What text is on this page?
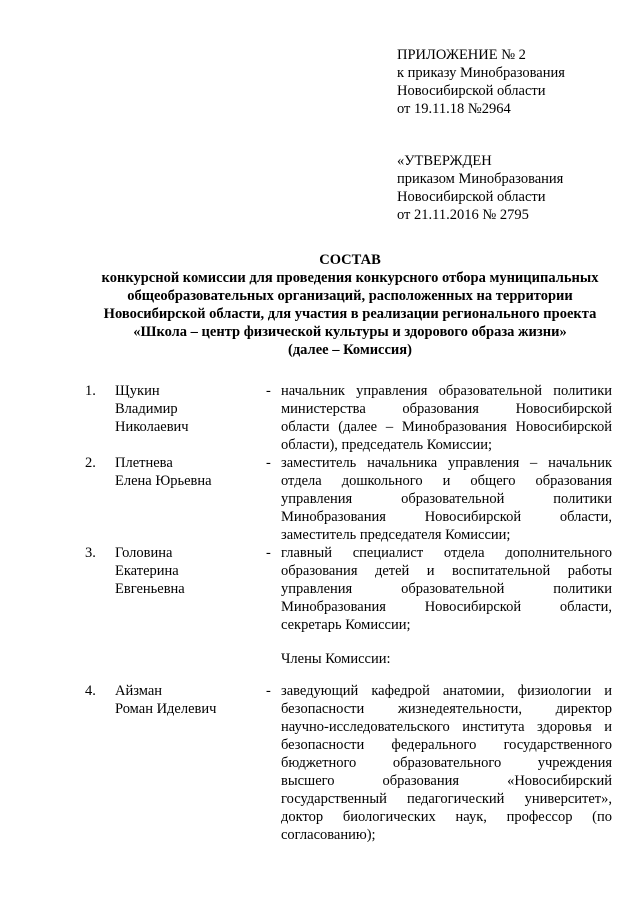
ПРИЛОЖЕНИЕ № 2
к приказу Минобразования
Новосибирской области
от 19.11.18 №2964
«УТВЕРЖДЕН
приказом Минобразования
Новосибирской области
от 21.11.2016 № 2795
СОСТАВ
конкурсной комиссии для проведения конкурсного отбора муниципальных
общеобразовательных организаций, расположенных на территории
Новосибирской области, для участия в реализации регионального проекта
«Школа – центр физической культуры и здорового образа жизни»
(далее – Комиссия)
1. Щукин
Владимир
Николаевич
- начальник управления образовательной политики
министерства образования Новосибирской
области (далее – Минобразования Новосибирской
области), председатель Комиссии;
2. Плетнева
Елена Юрьевна
- заместитель начальника управления – начальник
отдела дошкольного и общего образования
управления образовательной политики
Минобразования Новосибирской области,
заместитель председателя Комиссии;
3. Головина
Екатерина
Евгеньевна
- главный специалист отдела дополнительного
образования детей и воспитательной работы
управления образовательной политики
Минобразования Новосибирской области,
секретарь Комиссии;
Члены Комиссии:
4. Айзман
Роман Иделевич
- заведующий кафедрой анатомии, физиологии и
безопасности жизнедеятельности, директор
научно-исследовательского института здоровья и
безопасности федерального государственного
бюджетного образовательного учреждения
высшего образования «Новосибирский
государственный педагогический университет»,
доктор биологических наук, профессор (по
согласованию);
